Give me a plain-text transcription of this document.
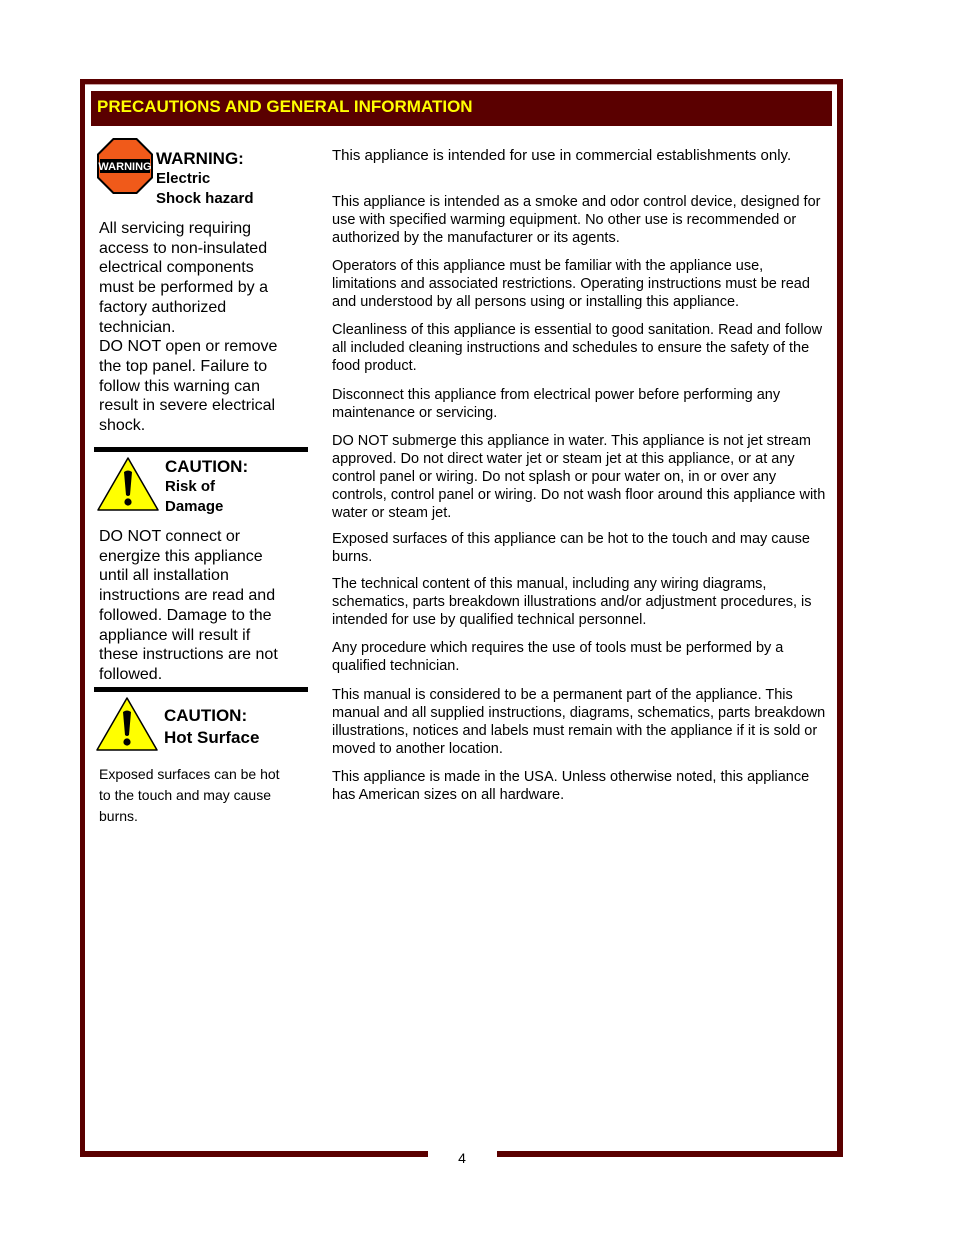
PRECAUTIONS AND GENERAL INFORMATION
WARNING WARNING:
Electric
Shock hazard
All servicing requiring
access to non-insulated
electrical components
must be performed by a
factory authorized
technician.
DO NOT open or remove
the top panel. Failure to
follow this warning can
result in severe electrical
shock.
CAUTION:
Risk of
Damage
DO NOT connect or
energize this appliance
until all installation
instructions are read and
followed. Damage to the
appliance will result if
these instructions are not
followed.
CAUTION:
Hot Surface
Exposed surfaces can be hot
to the touch and may cause
burns.

This appliance is intended for use in commercial establishments only.

This appliance is intended as a smoke and odor control device, designed for use with specified warming equipment. No other use is recommended or authorized by the manufacturer or its agents.

Operators of this appliance must be familiar with the appliance use, limitations and associated restrictions. Operating instructions must be read and understood by all persons using or installing this appliance.

Cleanliness of this appliance is essential to good sanitation. Read and follow all included cleaning instructions and schedules to ensure the safety of the food product.

Disconnect this appliance from electrical power before performing any maintenance or servicing.

DO NOT submerge this appliance in water. This appliance is not jet stream approved. Do not direct water jet or steam jet at this appliance, or at any control panel or wiring. Do not splash or pour water on, in or over any controls, control panel or wiring. Do not wash floor around this appliance with water or steam jet.

Exposed surfaces of this appliance can be hot to the touch and may cause burns.

The technical content of this manual, including any wiring diagrams, schematics, parts breakdown illustrations and/or adjustment procedures, is intended for use by qualified technical personnel.

Any procedure which requires the use of tools must be performed by a qualified technician.

This manual is considered to be a permanent part of the appliance. This manual and all supplied instructions, diagrams, schematics, parts breakdown illustrations, notices and labels must remain with the appliance if it is sold or moved to another location.

This appliance is made in the USA. Unless otherwise noted, this appliance has American sizes on all hardware.

4
